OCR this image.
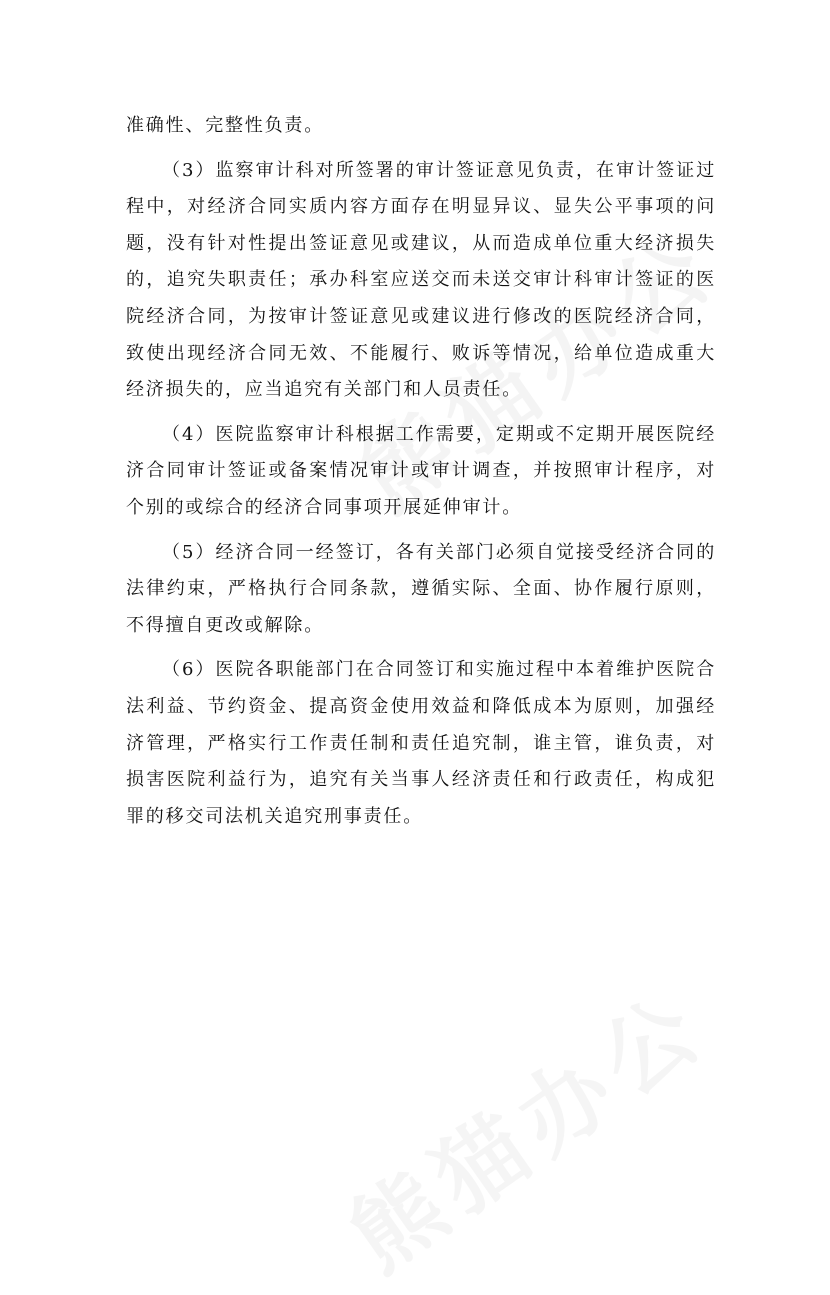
准确性、完整性负责。

（3）监察审计科对所签署的审计签证意见负责，在审计签证过程中，对经济合同实质内容方面存在明显异议、显失公平事项的问题，没有针对性提出签证意见或建议，从而造成单位重大经济损失的，追究失职责任；承办科室应送交而未送交审计科审计签证的医院经济合同，为按审计签证意见或建议进行修改的医院经济合同，致使出现经济合同无效、不能履行、败诉等情况，给单位造成重大经济损失的，应当追究有关部门和人员责任。

（4）医院监察审计科根据工作需要，定期或不定期开展医院经济合同审计签证或备案情况审计或审计调查，并按照审计程序，对个别的或综合的经济合同事项开展延伸审计。

（5）经济合同一经签订，各有关部门必须自觉接受经济合同的法律约束，严格执行合同条款，遵循实际、全面、协作履行原则，不得擅自更改或解除。

（6）医院各职能部门在合同签订和实施过程中本着维护医院合法利益、节约资金、提高资金使用效益和降低成本为原则，加强经济管理，严格实行工作责任制和责任追究制，谁主管，谁负责，对损害医院利益行为，追究有关当事人经济责任和行政责任，构成犯罪的移交司法机关追究刑事责任。
